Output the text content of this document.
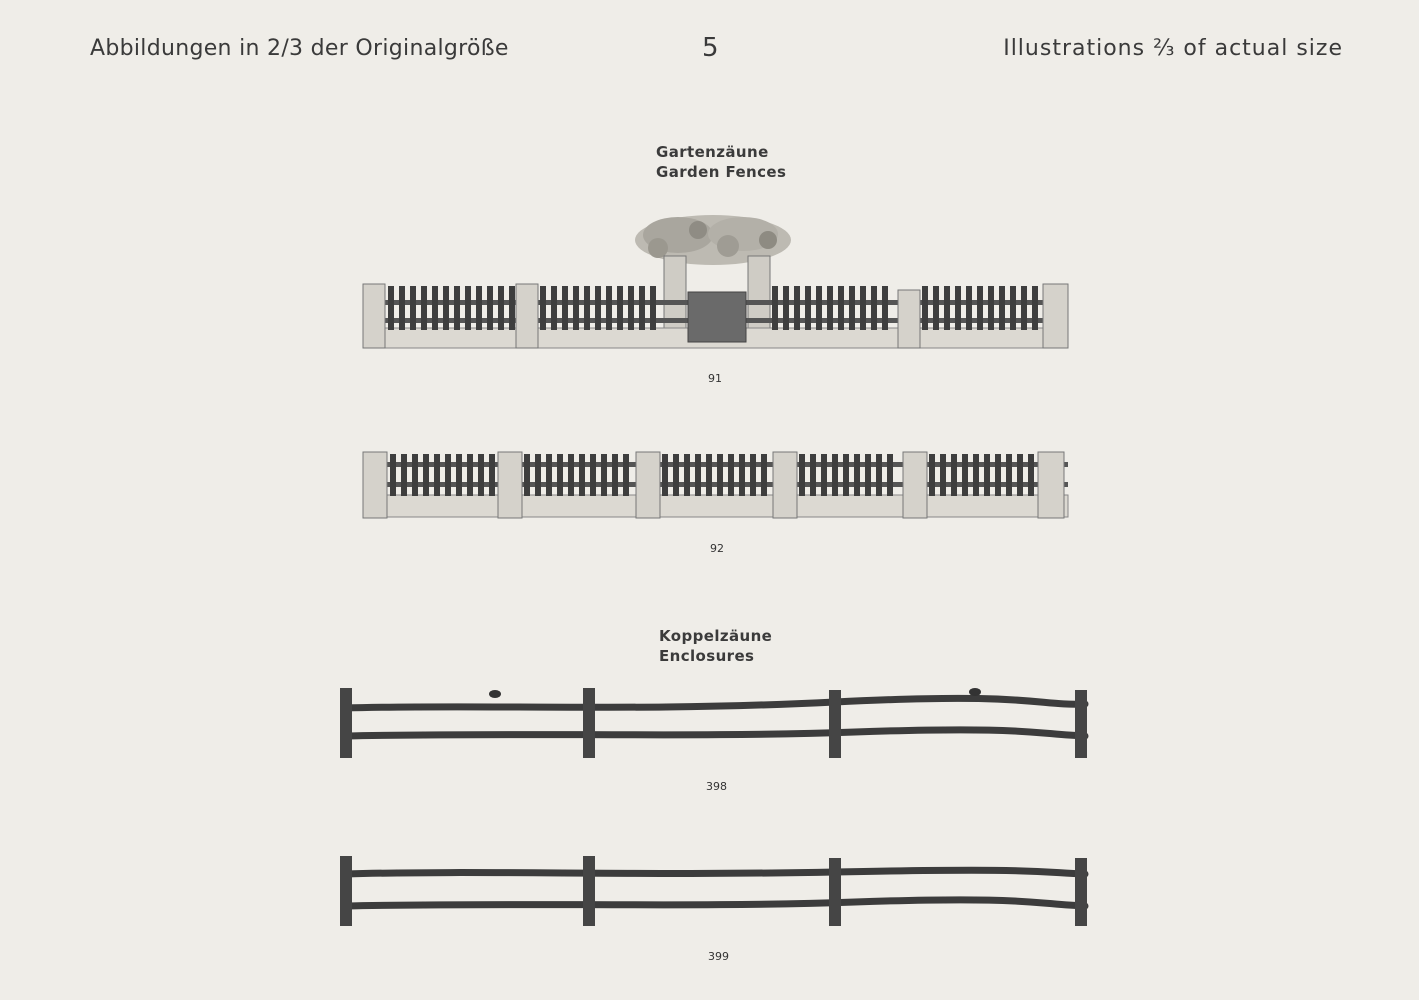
Abbildungen in 2/3 der Originalgröße	5	Illustrations ⅔ of actual size
Gartenzäune
Garden Fences
91
92
Koppelzäune
Enclosures
398
399
